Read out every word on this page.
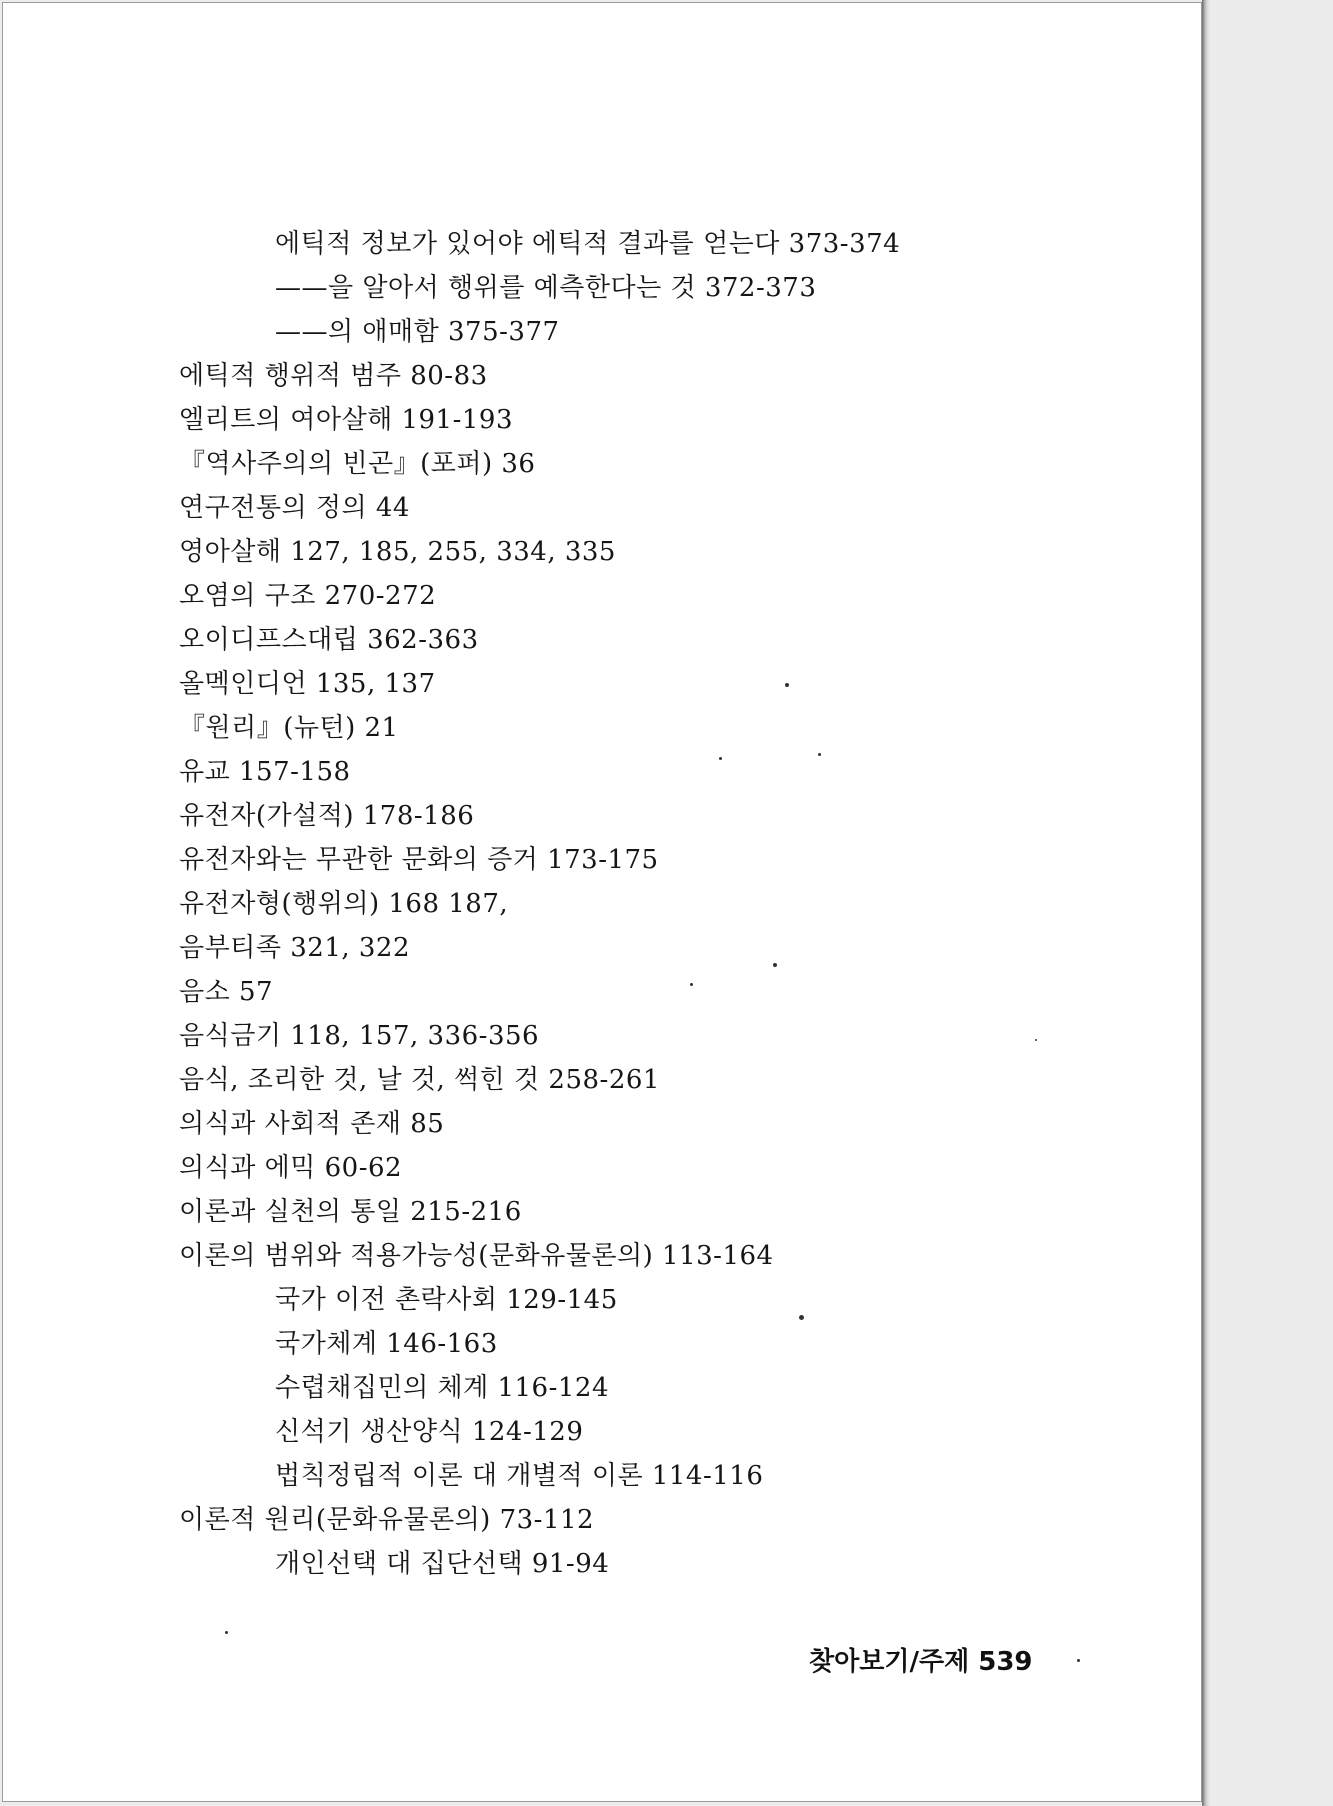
에틱적 정보가 있어야 에틱적 결과를 얻는다 373-374
——을 알아서 행위를 예측한다는 것 372-373
——의 애매함 375-377
에틱적 행위적 범주 80-83
엘리트의 여아살해 191-193
『역사주의의 빈곤』(포퍼) 36
연구전통의 정의 44
영아살해 127, 185, 255, 334, 335
오염의 구조 270-272
오이디프스대립 362-363
올멕인디언 135, 137
『원리』(뉴턴) 21
유교 157-158
유전자(가설적) 178-186
유전자와는 무관한 문화의 증거 173-175
유전자형(행위의) 168 187,
음부티족 321, 322
음소 57
음식금기 118, 157, 336-356
음식, 조리한 것, 날 것, 썩힌 것 258-261
의식과 사회적 존재 85
의식과 에믹 60-62
이론과 실천의 통일 215-216
이론의 범위와 적용가능성(문화유물론의) 113-164
국가 이전 촌락사회 129-145
국가체계 146-163
수렵채집민의 체계 116-124
신석기 생산양식 124-129
법칙정립적 이론 대 개별적 이론 114-116
이론적 원리(문화유물론의) 73-112
개인선택 대 집단선택 91-94
찾아보기/주제 539
